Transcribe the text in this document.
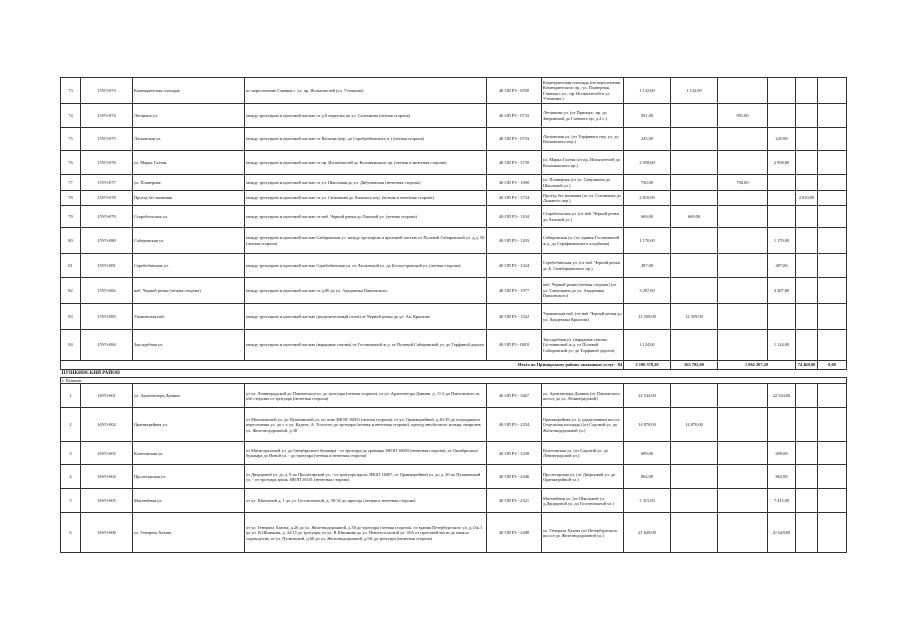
73	15УО-073	Комендантская площадь	по пересечению Главная с. ул. пр. Испытателей (ул. Уточкина)	40 ОП РЗ - 0550	Комендантская площадь (на пересечении Комендантского пр., ул. Планерная, Главная с.ул., пр. Испытателей и ул. Уточкина.)	1 132,00	1 132,00				
74	15УО-074	Летчиков ул.	между тротуаром и проезжей частью от д.8 переулка до ул. Салтыкова (четная сторона)	40 ОП РЗ - 0733	Летчикова ул. (от Приморс. пр. до Зверинской до Главного пр. д.2 с.)	991,00		991,00			
75	15УО-075	Ласковская ул.	между тротуаром и проезжей частью от Васкова (пер. до Серебробинского п.) (четная сторона)	40 ОП РЗ - 0733	Ласковская ул. (от Торфяного пер. ул. до Васковского пер.)	245,00			245,00		
76	15УО-076	ул. Марка Галтия	между тротуаром и проезжей частью от пр. Испытателей до Коломяжского пр. (четная и нечетная сторона)	40 ОП РЗ - 3739	ул. Марка Галтия (от пр. Испытателей до Коломяжского пр.)	2 958,00			2 958,00		
77	15УО-077	ул. Планерная	между тротуаром и проезжей частью от ул. Школьная до ул. Дибуновская (нечетная сторона)	40 ОП РЗ - 1090	ул. Планерная (от ул. Савушкина до Школьной ул.)	750,00		750,00			
78	15УО-078	Проезд без названия	между тротуаром и проезжей частью от ул. Ситникова до Лыжного пер. (четная и нечетная сторона)	40 ОП РЗ - 3734	Проезд без названия (от ул. Ситникова до Лыжного пер.)	2 810,00				2 810,00	
79	15УО-079	Старобельская ул.	между тротуаром и проезжей частью от наб. Черной речки до Ланской ул. (четная сторона)	40 ОП РЗ - 1104	Старобельская ул. (от наб. Черной речки до Ланской ул.)	669,00	669,00				
80	15УО-080	Сабировская ул.	между тротуаром и проезжей частью Сабировская ул. между тротуаром и проезжей частью от Полевой Сабировской ул. д.д. 50 (четная сторона)	40 ОП РЗ - 1203	Сабировская ул. (от здания Гостиничной ж.д. до Серафимовского кладбища)	1 170,00			1 170,00		
81	15УО-081	Серебобинская ул.	между тротуаром и проезжей частью Серебобинская ул. от Ласковской ул. до Белоостровской ул. (четная сторона)	40 ОП РЗ - 1324	Серебобинская ул. (от наб. Черной речки до Б. Симбирцевского пр.)	487,00			487,00		
82	15УО-082	наб. Черной речки (четная сторона)	между тротуаром и проезжей частью от д.80 до ул. Академика Павловского	40 ОП РЗ - 1977	наб. Черной речки (четная сторона) (от ул. Савушкина до ул. Академика Павловского)	3 207,00			3 207,00		
83	15УО-083	Ушаковская наб.	между тротуаром и проезжей частью (разделительный газон) от Черной речки до ул. Ак. Крылова	40 ОП РЗ - 1522	Ушаковская наб. (от наб. Черной речки до ул. Академика Крылова)	12 559,00	12 559,00				
84	15УО-084	Заусадебная ул.	между тротуаром и проезжей частью (нарядные газоны) от Гостиничной ж.д. от Полевой Сабировской ул. до Торфяной дороги	40 ОП РЗ - 0810	Заусадебная ул. (нарядные газоны Гостиничной ж.д. от Полевой Сабировской ул. до Торфяной дороги)	1 124,00			1 124,00		
Итого по Приморскому району оказанных услуг - 84						2 100 378,20	563 702,00	1 862 207,20		74 469,00	0,00
ПУШКИНСКИЙ РАЙОН											
г. Пушкин											
1	16УО-001	ул. Архитектора Данини	от ул. Ленинградской до Павловского ш. до тротуара (четная сторона), от ул. Архитектора Данини, д. 11 б до Павловского ш. обе стороны от тротуара (нечетная сторона)	40 ОП РЗ - 3467	ул. Архитектора Данини (от Павловского шоссе до ул. Ленинградской)	22 534,00			22 534,00		
2	16УО-002	Оранжерейная ул.	от Малиновской ул. до Пушкинской ул. по зоне ЗНОП 16003 (четная сторона), от ул. Оранжерейной, д.20-19 до подходящего пересечения ул. до с.т. ул. Кадета, А. Толстого до тротуара (четная и нечетная сторона), проезд автобусного кольца, напротив ул. Железнодорожной, д.38	40 ОП РЗ - 2354	Оранжерейная ул. (с разделенным шоссе Отдельная площадь) (от Садовой ул. до Железнодорожной ул.)	14 870,00	14 870,00				
3	16УО-003	Кочетовская ул.	от Магистральной ул. до Октябрьского бульвара - от тротуара до границы ЗНОП 16003 (нечетная сторона), от Октябрьского бульвара до Новой ул. - до тротуара (четная и нечетная сторона)	40 ОП РЗ - 2338	Кочетовская ул. (от Садовой ул. до Ленинградской ул.)	699,00			699,00		
4	16УО-004	Пролетарская ул.	от Дворцовой ул. до д. 8 по Пролетарской ул. - от тротуара вдоль ЗНОП 16007, от Оранжерейной ул. до д. 20 по Пушкинской ул. - от тротуара вдоль ЗНОП 16101 (нечетная сторона)	40 ОП РЗ - 2346	Пролетарская ул. (от Дворцовой ул. до Оранжерейной ул.)	862,00			862,00		
5	16УО-005	Магазейная ул.	от ул. Школьной д. 1 до ул. Госпитальной, д. 30-32 до проезда (четная и нечетная сторона)	40 ОП РЗ - 2321	Магазейная ул. (от Школьной ул. д.Дворцовой ул. до Госпитальной ул.)	7 415,00			7 415,00		
6	16УО-006	ул. Генерала Хазова	от ул. Генерала Хазова, д.20 до ул. Железнодорожной, д.50 до тротуара (четная сторона), от здания Петербургского ул. д.13к.1 до ул. В.Шишкова, д. 32/15 до тротуара, от ул. В.Шишкова до ул. Новогосельской ул. 35А от проезжей части до начала садоводства, от ул. Пулковской, д.68 до ул. Железнодорожной, д.9А до тротуара (нечетная сторона)	40 ОП РЗ - 2288	ул. Генерала Хазова (от Петербургского шоссе до Железнодорожной ул.)	21 629,00			21 629,00		
